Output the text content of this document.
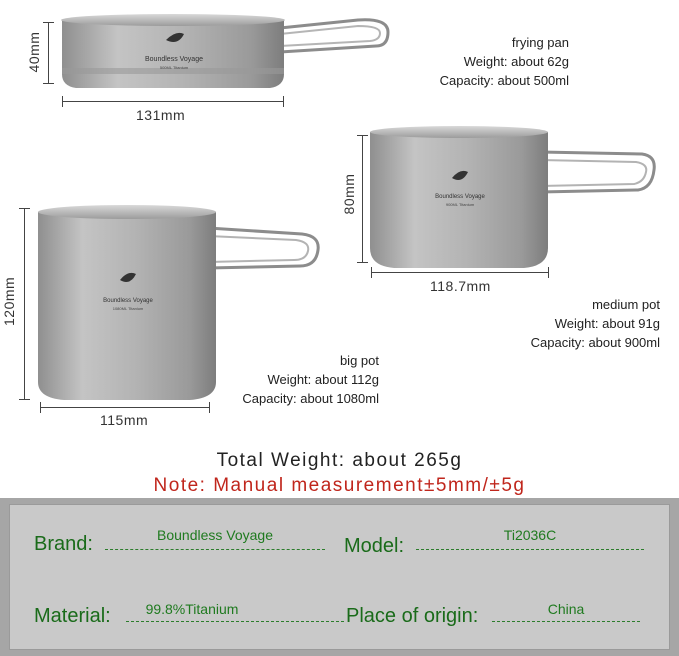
Boundless Voyage
500ML Titanium
40mm
131mm
frying pan
Weight: about 62g
Capacity: about 500ml
Boundless Voyage
900ML Titanium
80mm
118.7mm
medium pot
Weight: about 91g
Capacity: about 900ml
Boundless Voyage
1080ML Titanium
120mm
115mm
big pot
Weight: about 112g
Capacity: about 1080ml
Total Weight: about 265g
Note: Manual measurement±5mm/±5g
Brand:	Boundless Voyage	Model:	Ti2036C
Material:	99.8%Titanium	Place of origin:	China
